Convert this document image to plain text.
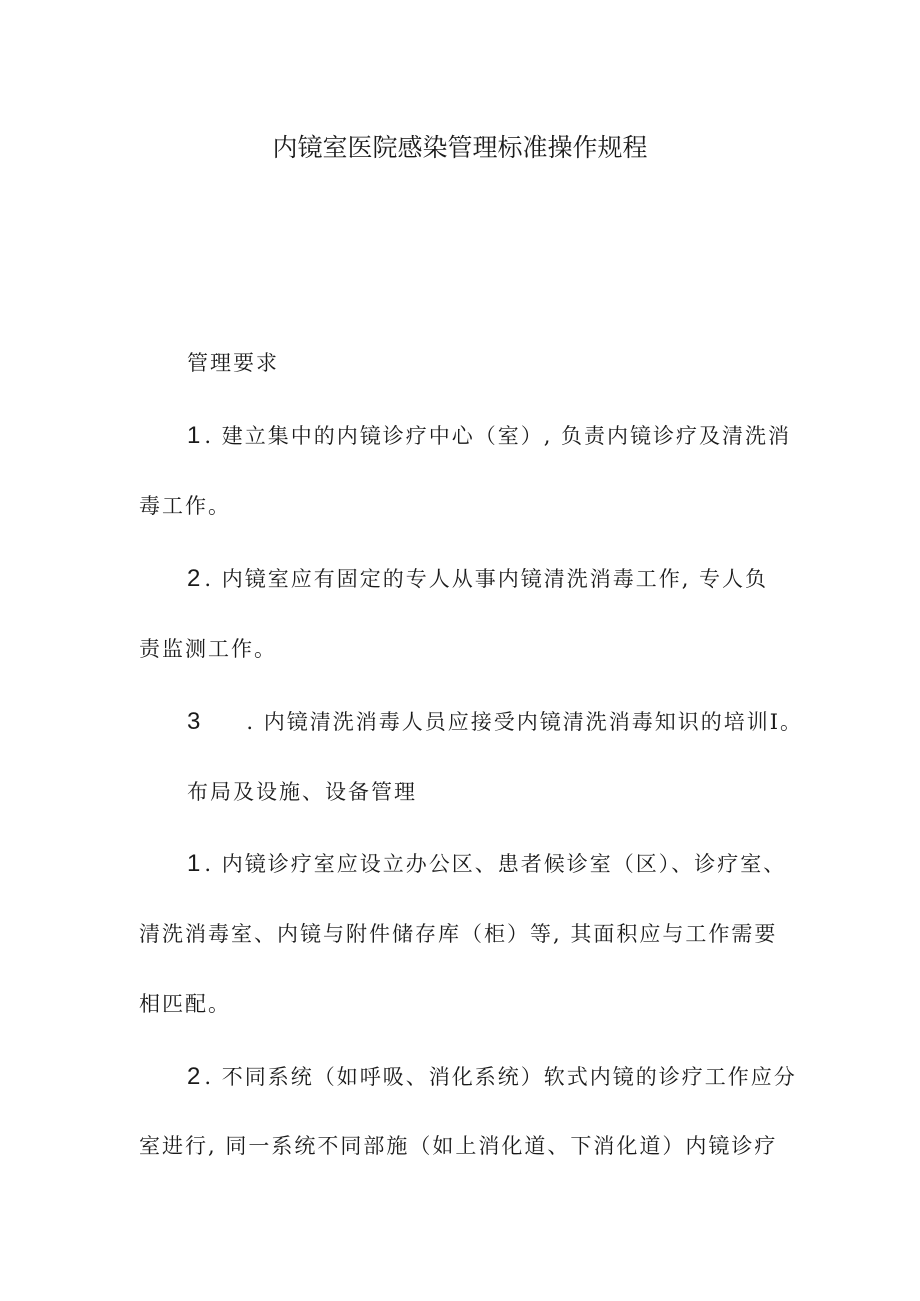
内镜室医院感染管理标准操作规程

管理要求

1 . 建立集中的内镜诊疗中心（室）, 负责内镜诊疗及清洗消

毒工作。

2 . 内镜室应有固定的专人从事内镜清洗消毒工作, 专人负

责监测工作。

3 . 内镜清洗消毒人员应接受内镜清洗消毒知识的培训I。

布局及设施、设备管理

1 . 内镜诊疗室应设立办公区、患者候诊室（区）、诊疗室、

清洗消毒室、内镜与附件储存库（柜）等, 其面积应与工作需要

相匹配。

2 . 不同系统（如呼吸、消化系统）软式内镜的诊疗工作应分

室进行, 同一系统不同部施（如上消化道、下消化道）内镜诊疗
